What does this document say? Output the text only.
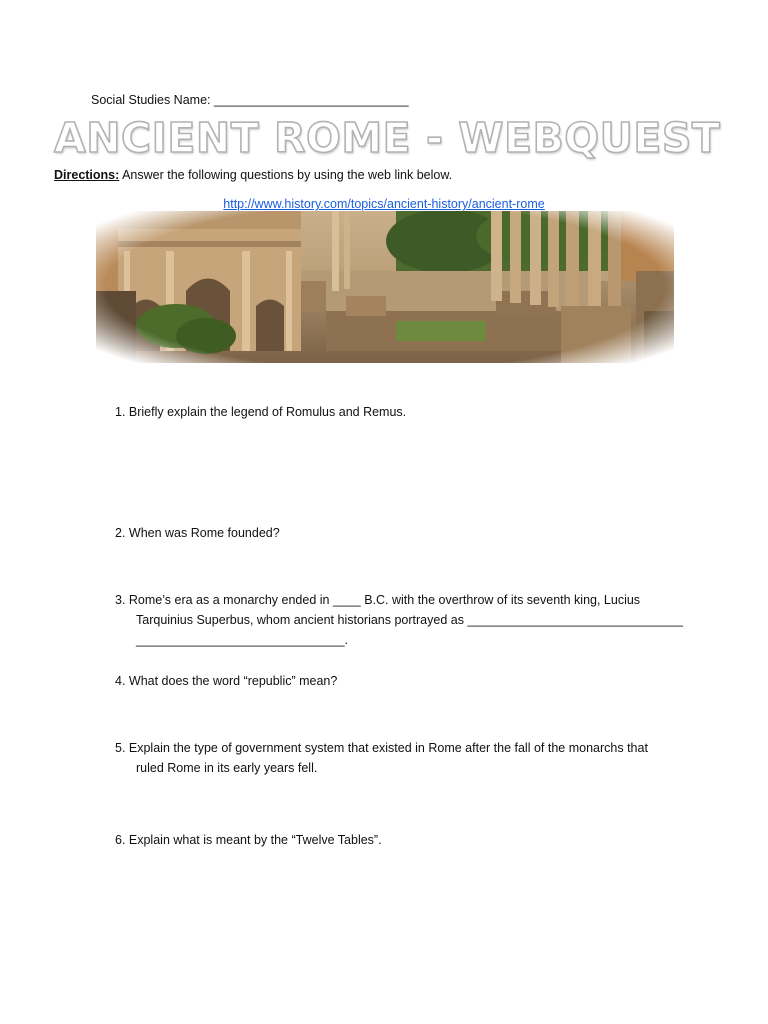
Social Studies Name: ____________________________
ANCIENT ROME - WEBQUEST
Directions: Answer the following questions by using the web link below.
http://www.history.com/topics/ancient-history/ancient-rome
1. Briefly explain the legend of Romulus and Remus.
2. When was Rome founded?
3. Rome’s era as a monarchy ended in ____ B.C. with the overthrow of its seventh king, Lucius
Tarquinius Superbus, whom ancient historians portrayed as _______________________________
______________________________.
4. What does the word “republic” mean?
5. Explain the type of government system that existed in Rome after the fall of the monarchs that
ruled Rome in its early years fell.
6. Explain what is meant by the “Twelve Tables”.
